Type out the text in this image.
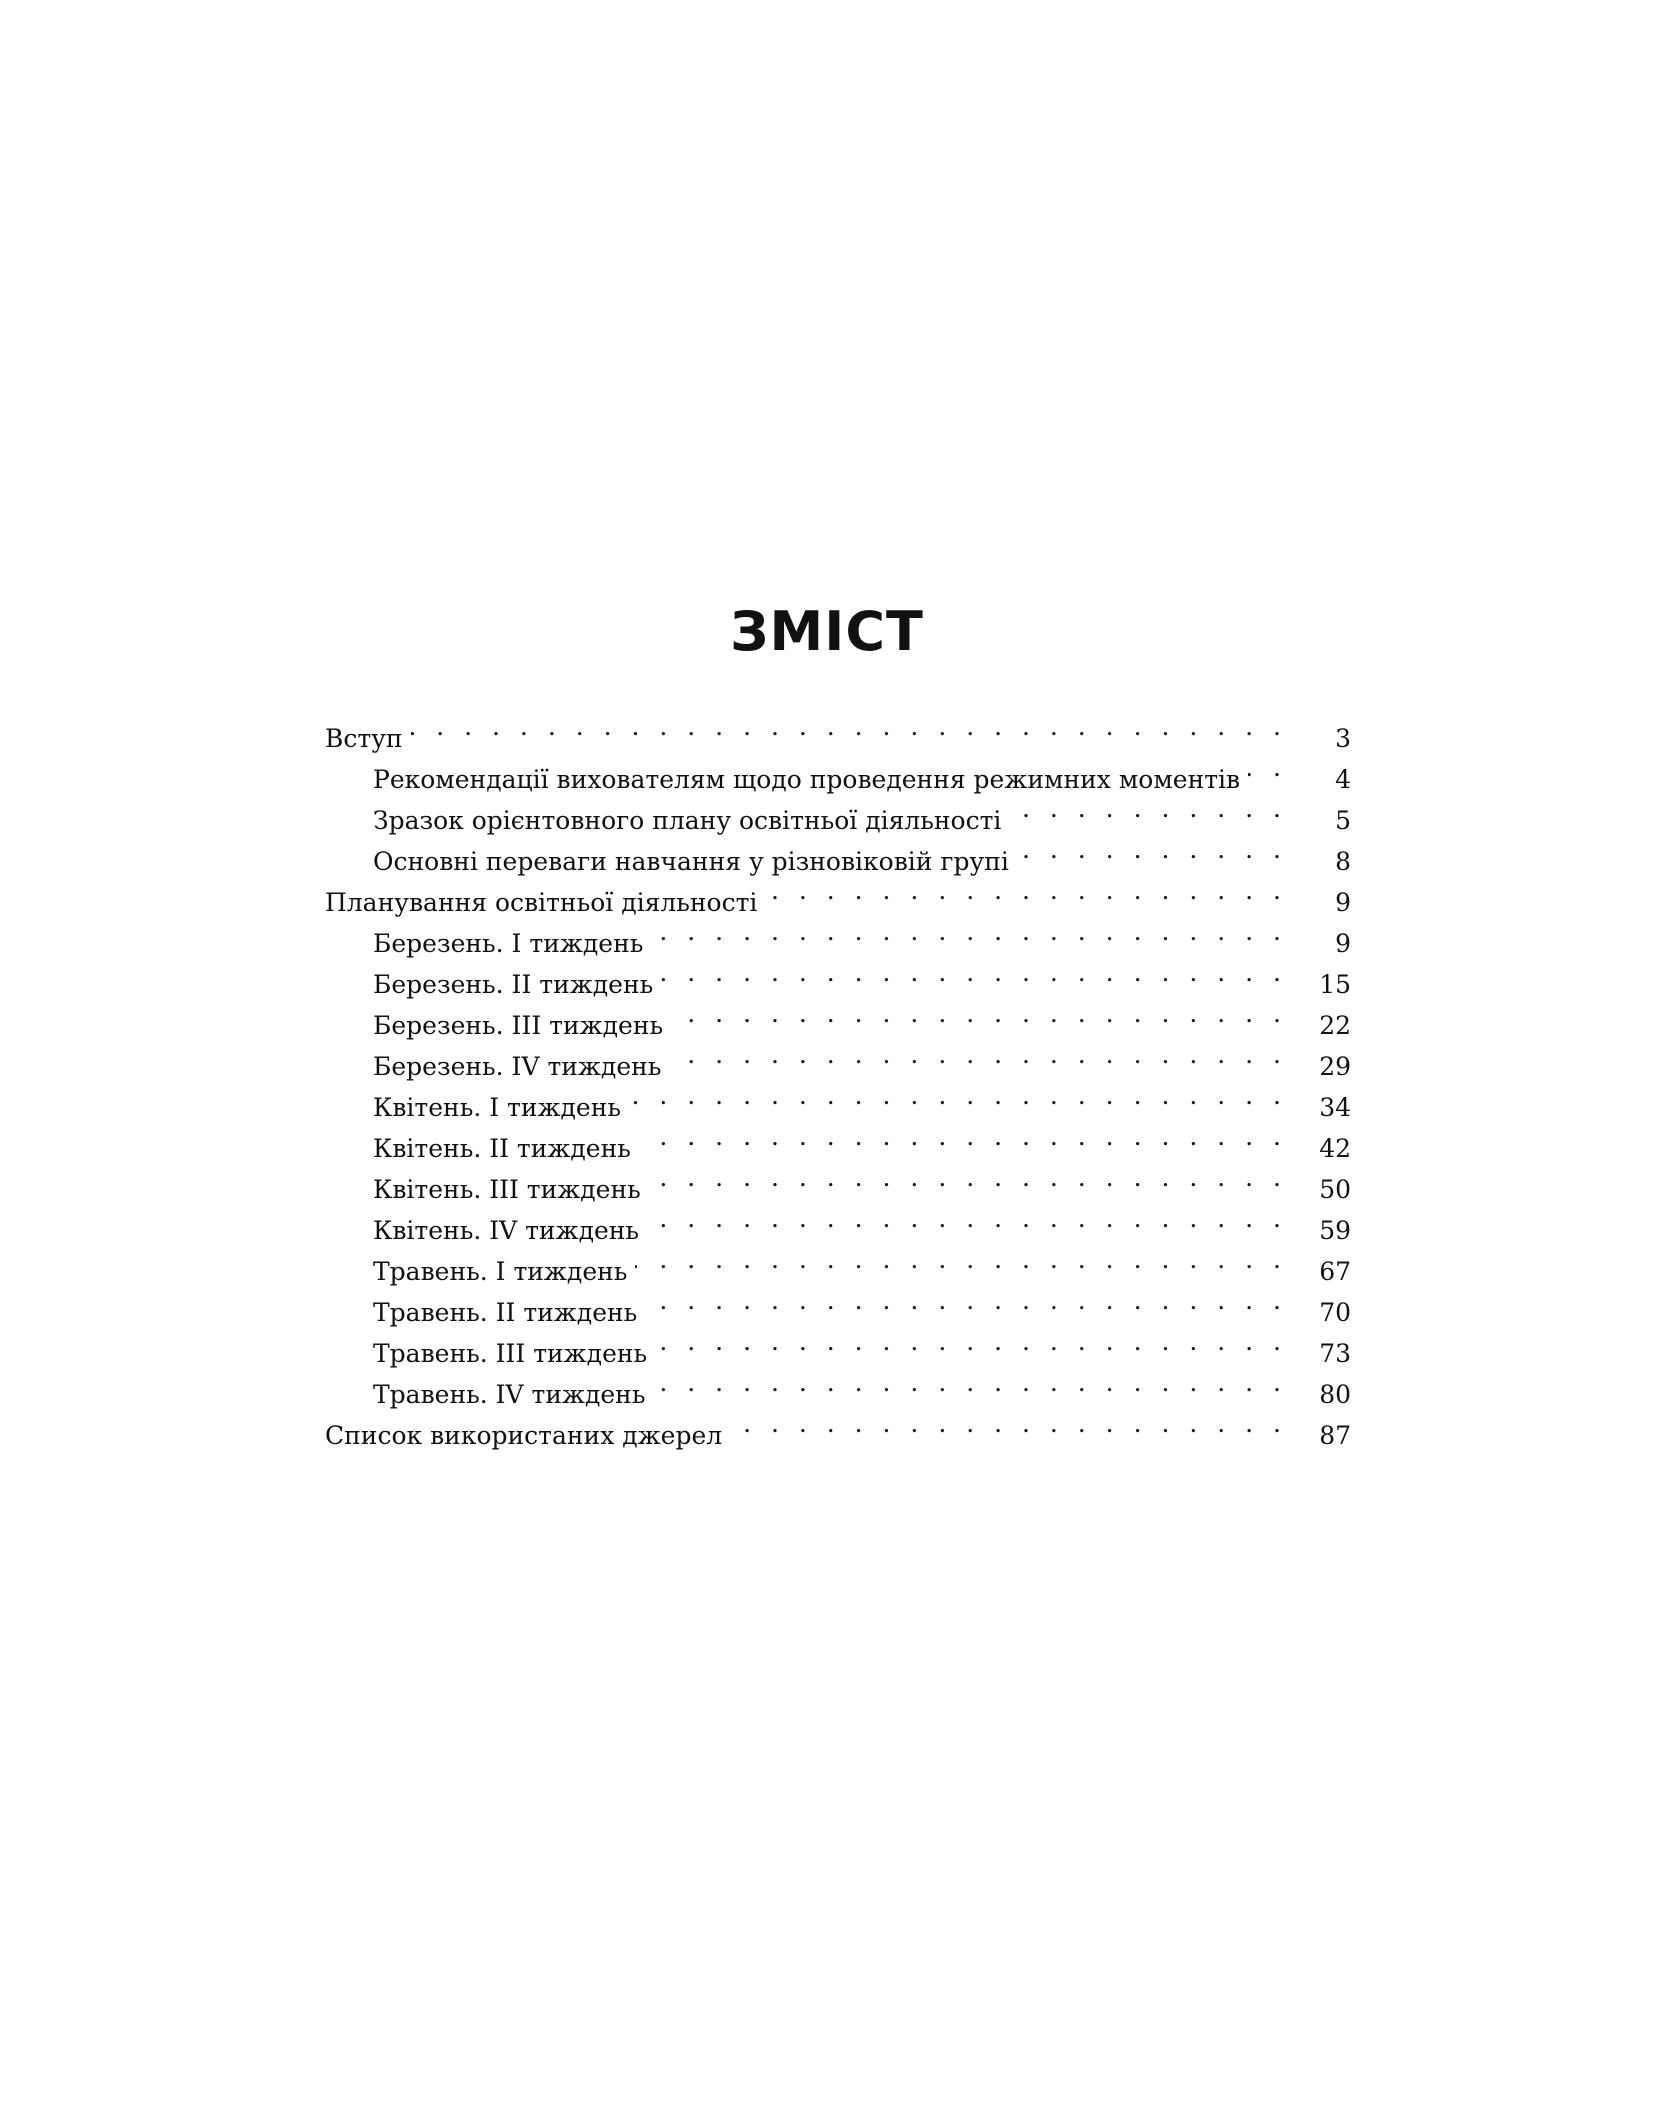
ЗМІСТ
Вступ . . .	3
Рекомендації вихователям щодо проведення режимних моментів . . .	4
Зразок орієнтовного плану освітньої діяльності . . .	5
Основні переваги навчання у різновіковій групі . . .	8
Планування освітньої діяльності . . .	9
Березень. І тиждень . . .	9
Березень. ІІ тиждень . . .	15
Березень. ІІІ тиждень . . .	22
Березень. IV тиждень . . .	29
Квітень. І тиждень . . .	34
Квітень. ІІ тиждень . . .	42
Квітень. ІІІ тиждень . . .	50
Квітень. IV тиждень . . .	59
Травень. І тиждень . . .	67
Травень. ІІ тиждень . . .	70
Травень. ІІІ тиждень . . .	73
Травень. IV тиждень . . .	80
Список використаних джерел . . .	87
